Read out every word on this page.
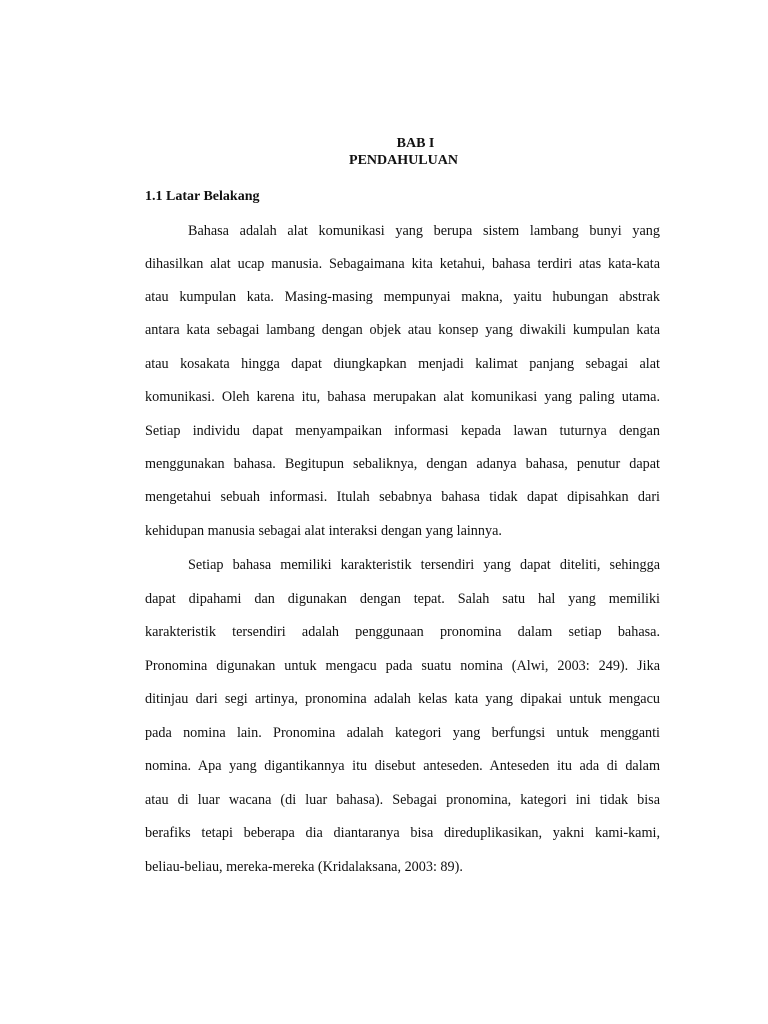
BAB I
PENDAHULUAN
1.1 Latar Belakang
Bahasa adalah alat komunikasi yang berupa sistem lambang bunyi yang
dihasilkan alat ucap manusia. Sebagaimana kita ketahui, bahasa terdiri atas kata-kata
atau kumpulan kata. Masing-masing mempunyai makna, yaitu hubungan abstrak
antara kata sebagai lambang dengan objek atau konsep yang diwakili kumpulan kata
atau kosakata hingga dapat diungkapkan menjadi kalimat panjang sebagai alat
komunikasi. Oleh karena itu, bahasa merupakan alat komunikasi yang paling utama.
Setiap individu dapat menyampaikan informasi kepada lawan tuturnya dengan
menggunakan bahasa. Begitupun sebaliknya, dengan adanya bahasa, penutur dapat
mengetahui sebuah informasi. Itulah sebabnya bahasa tidak dapat dipisahkan dari
kehidupan manusia sebagai alat interaksi dengan yang lainnya.
Setiap bahasa memiliki karakteristik tersendiri yang dapat diteliti, sehingga
dapat dipahami dan digunakan dengan tepat. Salah satu hal yang memiliki
karakteristik tersendiri adalah penggunaan pronomina dalam setiap bahasa.
Pronomina digunakan untuk mengacu pada suatu nomina (Alwi, 2003: 249). Jika
ditinjau dari segi artinya, pronomina adalah kelas kata yang dipakai untuk mengacu
pada nomina lain. Pronomina adalah kategori yang berfungsi untuk mengganti
nomina. Apa yang digantikannya itu disebut anteseden. Anteseden itu ada di dalam
atau di luar wacana (di luar bahasa). Sebagai pronomina, kategori ini tidak bisa
berafiks tetapi beberapa dia diantaranya bisa direduplikasikan, yakni kami-kami,
beliau-beliau, mereka-mereka (Kridalaksana, 2003: 89).
